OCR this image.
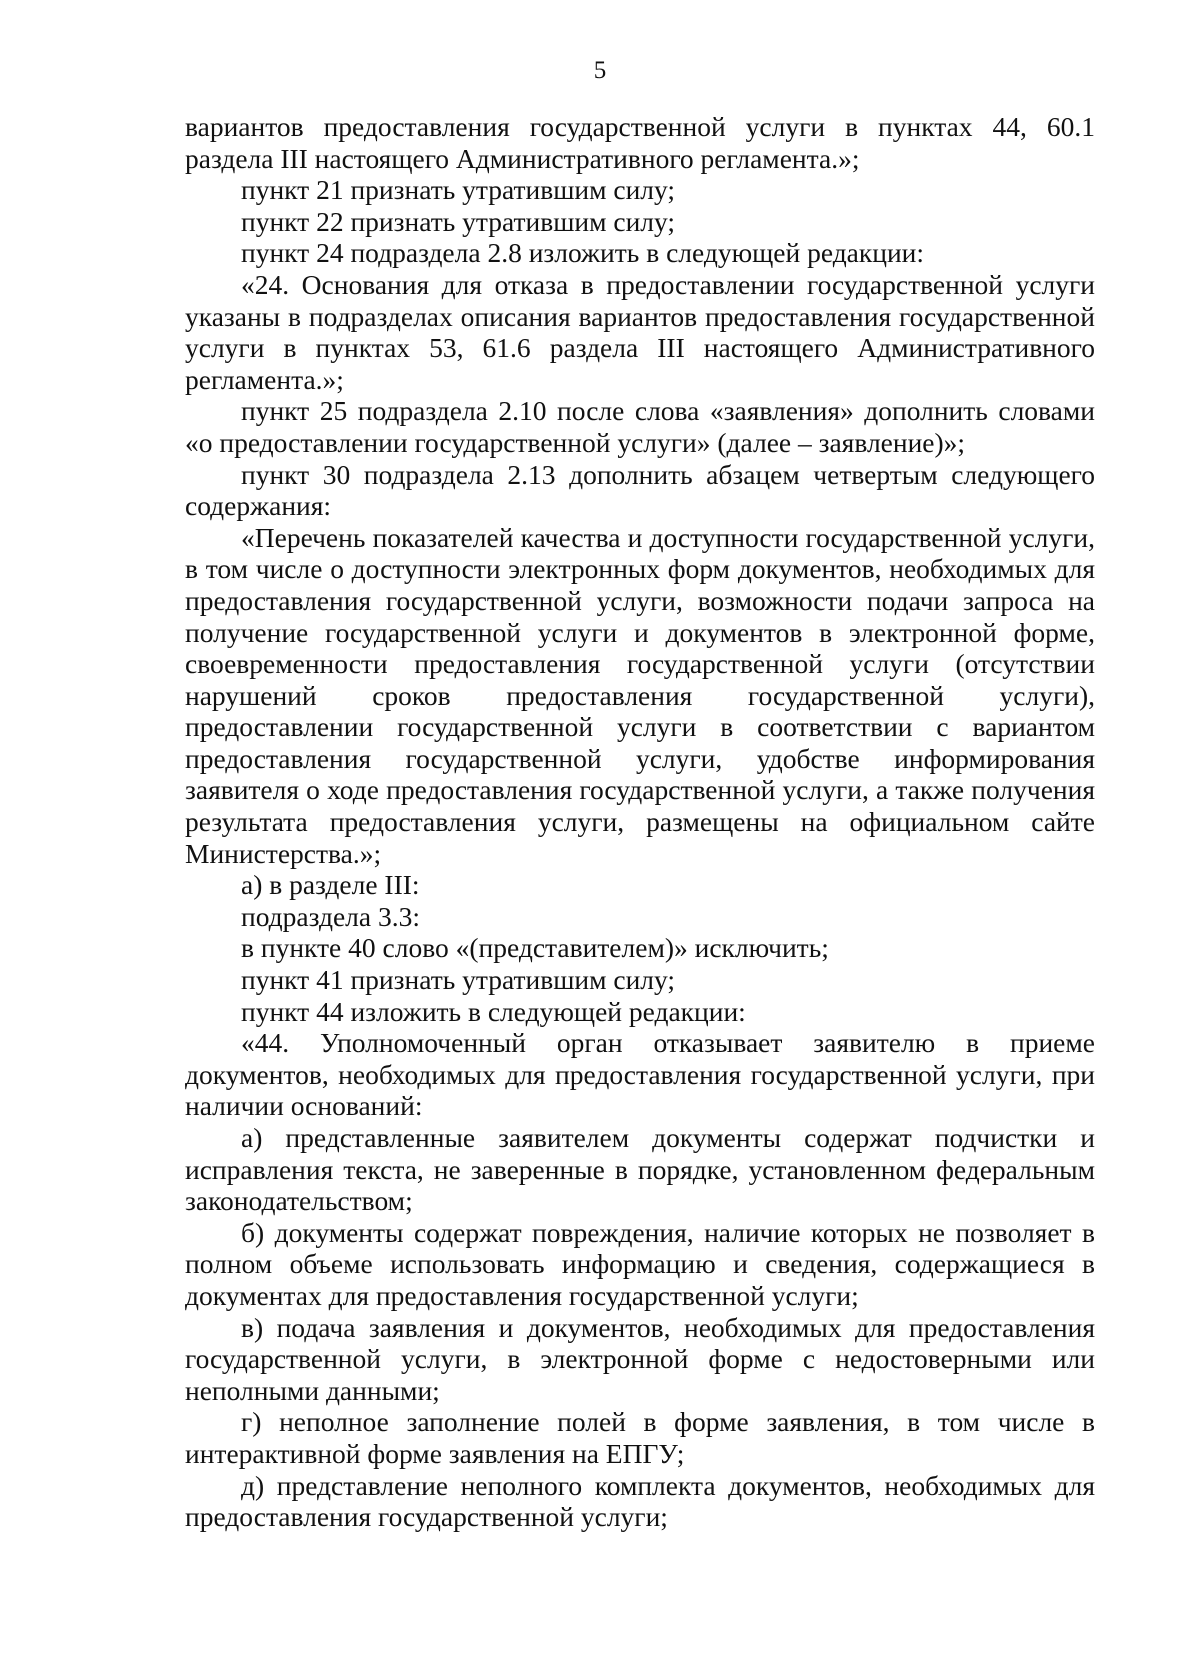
5

вариантов предоставления государственной услуги в пунктах 44, 60.1 раздела III настоящего Административного регламента.»;

пункт 21 признать утратившим силу;

пункт 22 признать утратившим силу;

пункт 24 подраздела 2.8 изложить в следующей редакции:

«24. Основания для отказа в предоставлении государственной услуги указаны в подразделах описания вариантов предоставления государственной услуги в пунктах 53, 61.6 раздела III настоящего Административного регламента.»;

пункт 25 подраздела 2.10 после слова «заявления» дополнить словами «о предоставлении государственной услуги» (далее – заявление)»;

пункт 30 подраздела 2.13 дополнить абзацем четвертым следующего содержания:

«Перечень показателей качества и доступности государственной услуги, в том числе о доступности электронных форм документов, необходимых для предоставления государственной услуги, возможности подачи запроса на получение государственной услуги и документов в электронной форме, своевременности предоставления государственной услуги (отсутствии нарушений сроков предоставления государственной услуги), предоставлении государственной услуги в соответствии с вариантом предоставления государственной услуги, удобстве информирования заявителя о ходе предоставления государственной услуги, а также получения результата предоставления услуги, размещены на официальном сайте Министерства.»;

а) в разделе III:

подраздела 3.3:

в пункте 40 слово «(представителем)» исключить;

пункт 41 признать утратившим силу;

пункт 44 изложить в следующей редакции:

«44. Уполномоченный орган отказывает заявителю в приеме документов, необходимых для предоставления государственной услуги, при наличии оснований:

а) представленные заявителем документы содержат подчистки и исправления текста, не заверенные в порядке, установленном федеральным законодательством;

б) документы содержат повреждения, наличие которых не позволяет в полном объеме использовать информацию и сведения, содержащиеся в документах для предоставления государственной услуги;

в) подача заявления и документов, необходимых для предоставления государственной услуги, в электронной форме с недостоверными или неполными данными;

г) неполное заполнение полей в форме заявления, в том числе в интерактивной форме заявления на ЕПГУ;

д) представление неполного комплекта документов, необходимых для предоставления государственной услуги;
